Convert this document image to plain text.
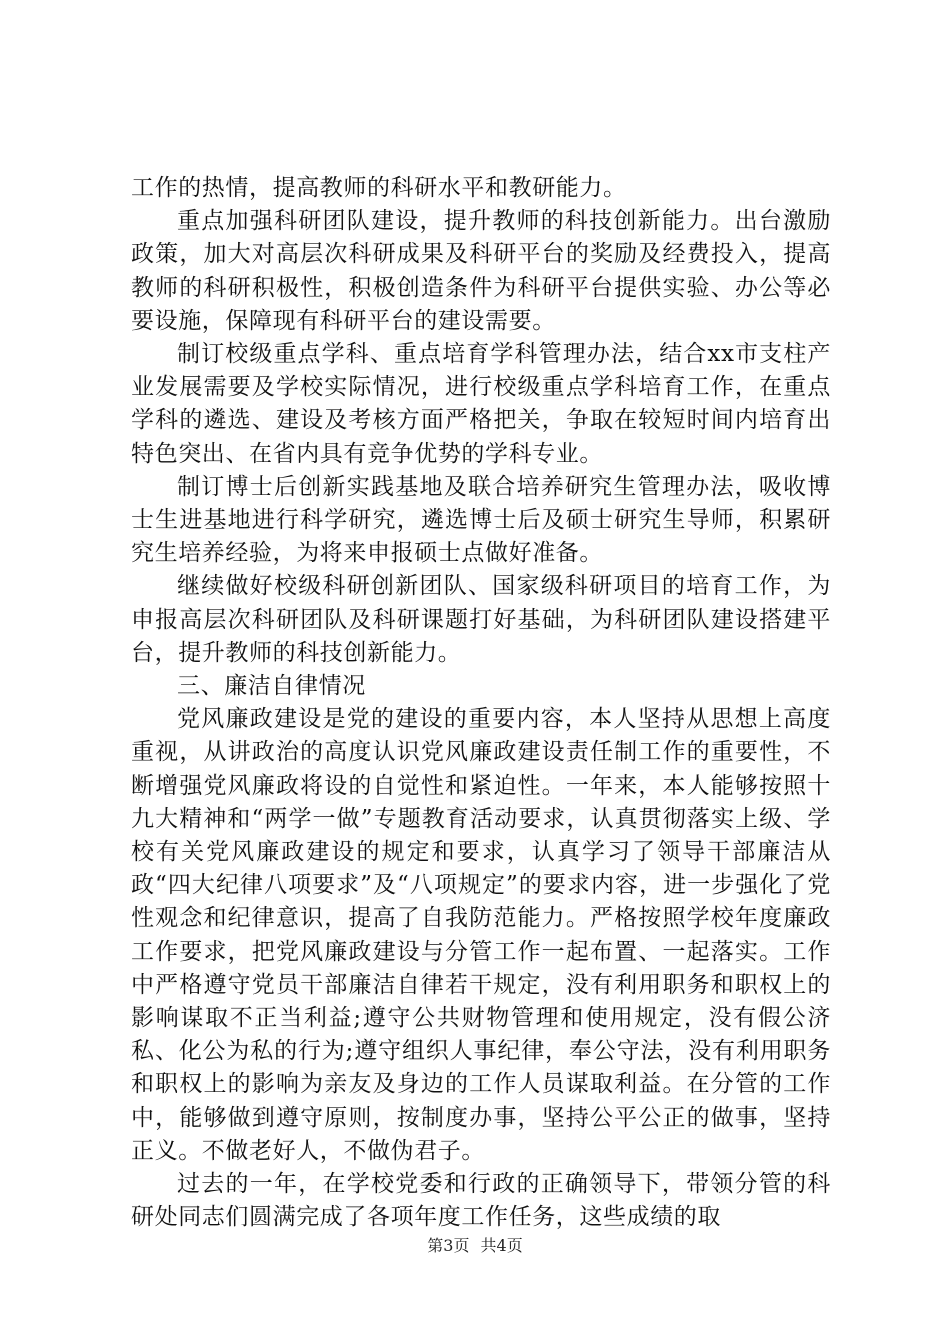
工作的热情，提高教师的科研水平和教研能力。

重点加强科研团队建设，提升教师的科技创新能力。出台激励政策，加大对高层次科研成果及科研平台的奖励及经费投入，提高教师的科研积极性，积极创造条件为科研平台提供实验、办公等必要设施，保障现有科研平台的建设需要。

制订校级重点学科、重点培育学科管理办法，结合xx市支柱产业发展需要及学校实际情况，进行校级重点学科培育工作，在重点学科的遴选、建设及考核方面严格把关，争取在较短时间内培育出特色突出、在省内具有竞争优势的学科专业。

制订博士后创新实践基地及联合培养研究生管理办法，吸收博士生进基地进行科学研究，遴选博士后及硕士研究生导师，积累研究生培养经验，为将来申报硕士点做好准备。

继续做好校级科研创新团队、国家级科研项目的培育工作，为申报高层次科研团队及科研课题打好基础，为科研团队建设搭建平台，提升教师的科技创新能力。

三、廉洁自律情况

党风廉政建设是党的建设的重要内容，本人坚持从思想上高度重视，从讲政治的高度认识党风廉政建设责任制工作的重要性，不断增强党风廉政将设的自觉性和紧迫性。一年来，本人能够按照十九大精神和“两学一做”专题教育活动要求，认真贯彻落实上级、学校有关党风廉政建设的规定和要求，认真学习了领导干部廉洁从政“四大纪律八项要求”及“八项规定”的要求内容，进一步强化了党性观念和纪律意识，提高了自我防范能力。严格按照学校年度廉政工作要求，把党风廉政建设与分管工作一起布置、一起落实。工作中严格遵守党员干部廉洁自律若干规定，没有利用职务和职权上的影响谋取不正当利益;遵守公共财物管理和使用规定，没有假公济私、化公为私的行为;遵守组织人事纪律，奉公守法，没有利用职务和职权上的影响为亲友及身边的工作人员谋取利益。在分管的工作中，能够做到遵守原则，按制度办事，坚持公平公正的做事，坚持正义。不做老好人，不做伪君子。

过去的一年，在学校党委和行政的正确领导下，带领分管的科研处同志们圆满完成了各项年度工作任务，这些成绩的取

第3页 共4页
